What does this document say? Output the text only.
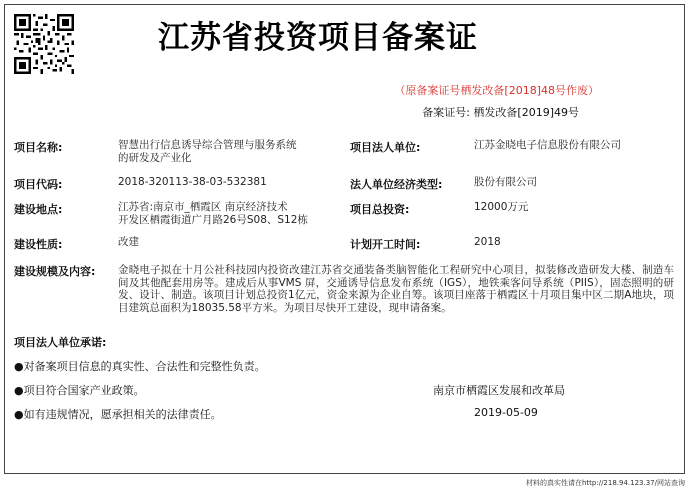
江苏省投资项目备案证
（原备案证号栖发改备[2018]48号作废）
备案证号: 栖发改备[2019]49号
项目名称:	智慧出行信息诱导综合管理与服务系统
的研发及产业化
项目法人单位:	江苏金晓电子信息股份有限公司
项目代码:	2018-320113-38-03-532381	法人单位经济类型:	股份有限公司
建设地点:	江苏省:南京市_栖霞区 南京经济技术
开发区栖霞街道广月路26号S08、S12栋
项目总投资:	12000万元
建设性质:	改建	计划开工时间:	2018
建设规模及内容: 金晓电子拟在十月公社科技园内投资改建江苏省交通装备类脑智能化工程研究中心项目，拟装修改造研发大楼、制造车间及其他配套用房等。建成后从事VMS 屏，交通诱导信息发布系统（IGS），地铁乘客问导系统（PIIS），固态照明的研发、设计、制造。该项目计划总投资1亿元，资金来源为企业自筹。该项目座落于栖霞区十月项目集中区二期A地块，项目建筑总面积为18035.58平方米。为项目尽快开工建设，现申请备案。
项目法人单位承诺:
●对备案项目信息的真实性、合法性和完整性负责。
●项目符合国家产业政策。
●如有违规情况，愿承担相关的法律责任。
南京市栖霞区发展和改革局
2019-05-09
材料的真实性请在http://218.94.123.37/网站查询
